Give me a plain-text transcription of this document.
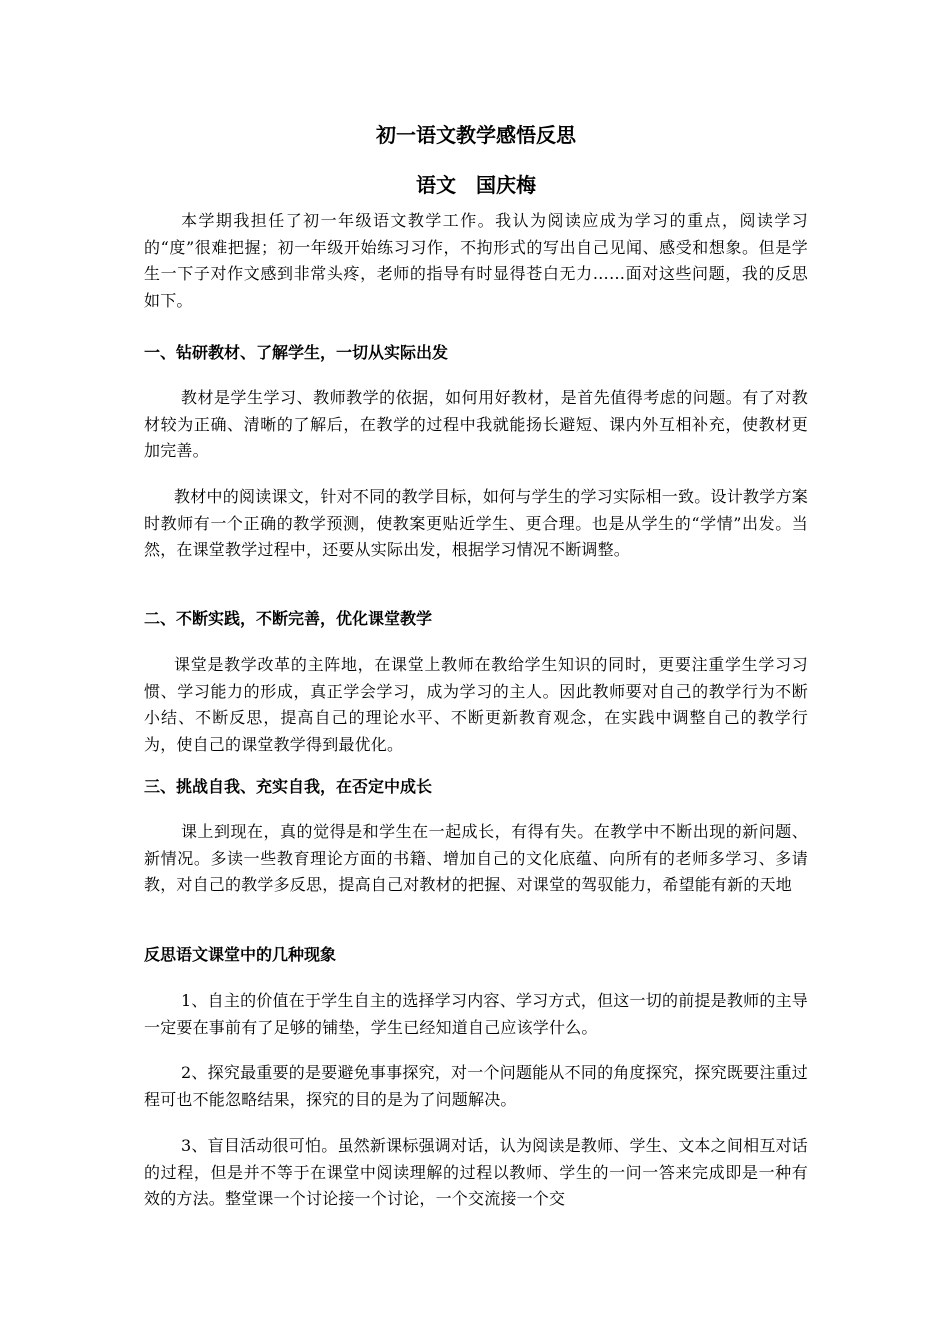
初一语文教学感悟反思
语文　国庆梅

本学期我担任了初一年级语文教学工作。我认为阅读应成为学习的重点，阅读学习的“度”很难把握；初一年级开始练习习作，不拘形式的写出自己见闻、感受和想象。但是学生一下子对作文感到非常头疼，老师的指导有时显得苍白无力……面对这些问题，我的反思如下。

一、钻研教材、了解学生，一切从实际出发

教材是学生学习、教师教学的依据，如何用好教材，是首先值得考虑的问题。有了对教材较为正确、清晰的了解后，在教学的过程中我就能扬长避短、课内外互相补充，使教材更加完善。

教材中的阅读课文，针对不同的教学目标，如何与学生的学习实际相一致。设计教学方案时教师有一个正确的教学预测，使教案更贴近学生、更合理。也是从学生的“学情”出发。当然，在课堂教学过程中，还要从实际出发，根据学习情况不断调整。

二、不断实践，不断完善，优化课堂教学

课堂是教学改革的主阵地，在课堂上教师在教给学生知识的同时，更要注重学生学习习惯、学习能力的形成，真正学会学习，成为学习的主人。因此教师要对自己的教学行为不断小结、不断反思，提高自己的理论水平、不断更新教育观念，在实践中调整自己的教学行为，使自己的课堂教学得到最优化。

三、挑战自我、充实自我，在否定中成长

课上到现在，真的觉得是和学生在一起成长，有得有失。在教学中不断出现的新问题、新情况。多读一些教育理论方面的书籍、增加自己的文化底蕴、向所有的老师多学习、多请教，对自己的教学多反思，提高自己对教材的把握、对课堂的驾驭能力，希望能有新的天地

反思语文课堂中的几种现象

1、自主的价值在于学生自主的选择学习内容、学习方式，但这一切的前提是教师的主导一定要在事前有了足够的铺垫，学生已经知道自己应该学什么。

2、探究最重要的是要避免事事探究，对一个问题能从不同的角度探究，探究既要注重过程可也不能忽略结果，探究的目的是为了问题解决。

3、盲目活动很可怕。虽然新课标强调对话，认为阅读是教师、学生、文本之间相互对话的过程，但是并不等于在课堂中阅读理解的过程以教师、学生的一问一答来完成即是一种有效的方法。整堂课一个讨论接一个讨论，一个交流接一个交
